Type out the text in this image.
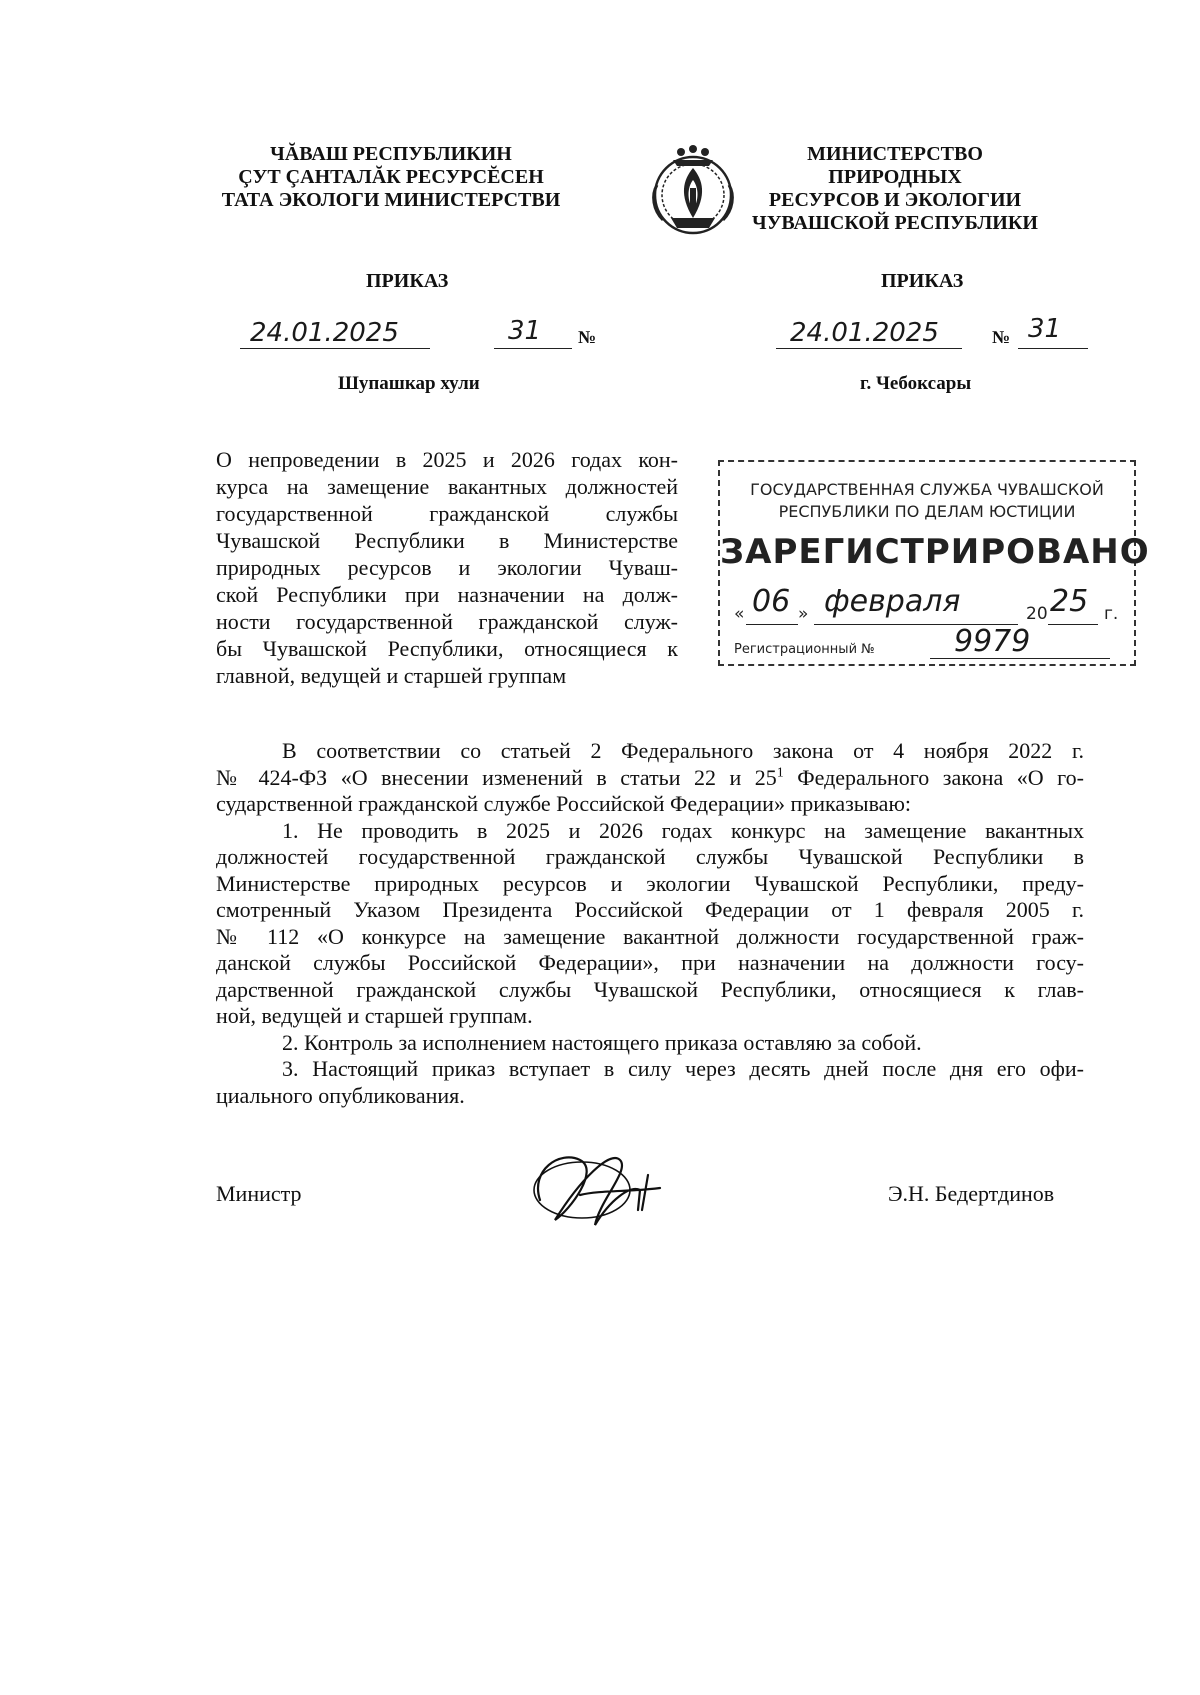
ЧĂВАШ РЕСПУБЛИКИН
ÇУТ ÇАНТАЛĂК РЕСУРСĔСЕН
ТАТА ЭКОЛОГИ МИНИСТЕРСТВИ
МИНИСТЕРСТВО
ПРИРОДНЫХ
РЕСУРСОВ И ЭКОЛОГИИ
ЧУВАШСКОЙ РЕСПУБЛИКИ
ПРИКАЗ	ПРИКАЗ
24.01.2025	31 №	24.01.2025	№ 31
Шупашкар хули	г. Чебоксары
О непроведении в 2025 и 2026 годах кон-
курса на замещение вакантных должностей
государственной гражданской службы
Чувашской Республики в Министерстве
природных ресурсов и экологии Чуваш-
ской Республики при назначении на долж-
ности государственной гражданской служ-
бы Чувашской Республики, относящиеся к
главной, ведущей и старшей группам
ГОСУДАРСТВЕННАЯ СЛУЖБА ЧУВАШСКОЙ
РЕСПУБЛИКИ ПО ДЕЛАМ ЮСТИЦИИ
ЗАРЕГИСТРИРОВАНО
« 06 » февраля	20 25 г.
Регистрационный №	9979
В соответствии со статьей 2 Федерального закона от 4 ноября 2022 г.
№ 424-ФЗ «О внесении изменений в статьи 22 и $25^1$ Федерального закона «О го-
сударственной гражданской службе Российской Федерации» приказываю:
1. Не проводить в 2025 и 2026 годах конкурс на замещение вакантных
должностей государственной гражданской службы Чувашской Республики в
Министерстве природных ресурсов и экологии Чувашской Республики, преду-
смотренный Указом Президента Российской Федерации от 1 февраля 2005 г.
№ 112 «О конкурсе на замещение вакантной должности государственной граж-
данской службы Российской Федерации», при назначении на должности госу-
дарственной гражданской службы Чувашской Республики, относящиеся к глав-
ной, ведущей и старшей группам.
2. Контроль за исполнением настоящего приказа оставляю за собой.
3. Настоящий приказ вступает в силу через десять дней после дня его офи-
циального опубликования.
Министр	Э.Н. Бедертдинов
